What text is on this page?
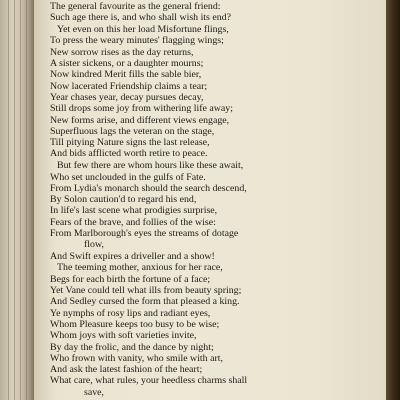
The general favourite as the general friend:
Such age there is, and who shall wish its end?
Yet even on this her load Misfortune flings,
To press the weary minutes' flagging wings;
New sorrow rises as the day returns,
A sister sickens, or a daughter mourns;
Now kindred Merit fills the sable bier,
Now lacerated Friendship claims a tear;
Year chases year, decay pursues decay,
Still drops some joy from withering life away;
New forms arise, and different views engage,
Superfluous lags the veteran on the stage,
Till pitying Nature signs the last release,
And bids afflicted worth retire to peace.
But few there are whom hours like these await,
Who set unclouded in the gulfs of Fate.
From Lydia's monarch should the search descend,
By Solon caution'd to regard his end,
In life's last scene what prodigies surprise,
Fears of the brave, and follies of the wise:
From Marlborough's eyes the streams of dotage
flow,
And Swift expires a driveller and a show!
The teeming mother, anxious for her race,
Begs for each birth the fortune of a face;
Yet Vane could tell what ills from beauty spring;
And Sedley cursed the form that pleased a king.
Ye nymphs of rosy lips and radiant eyes,
Whom Pleasure keeps too busy to be wise;
Whom joys with soft varieties invite,
By day the frolic, and the dance by night;
Who frown with vanity, who smile with art,
And ask the latest fashion of the heart;
What care, what rules, your heedless charms shall
save,
